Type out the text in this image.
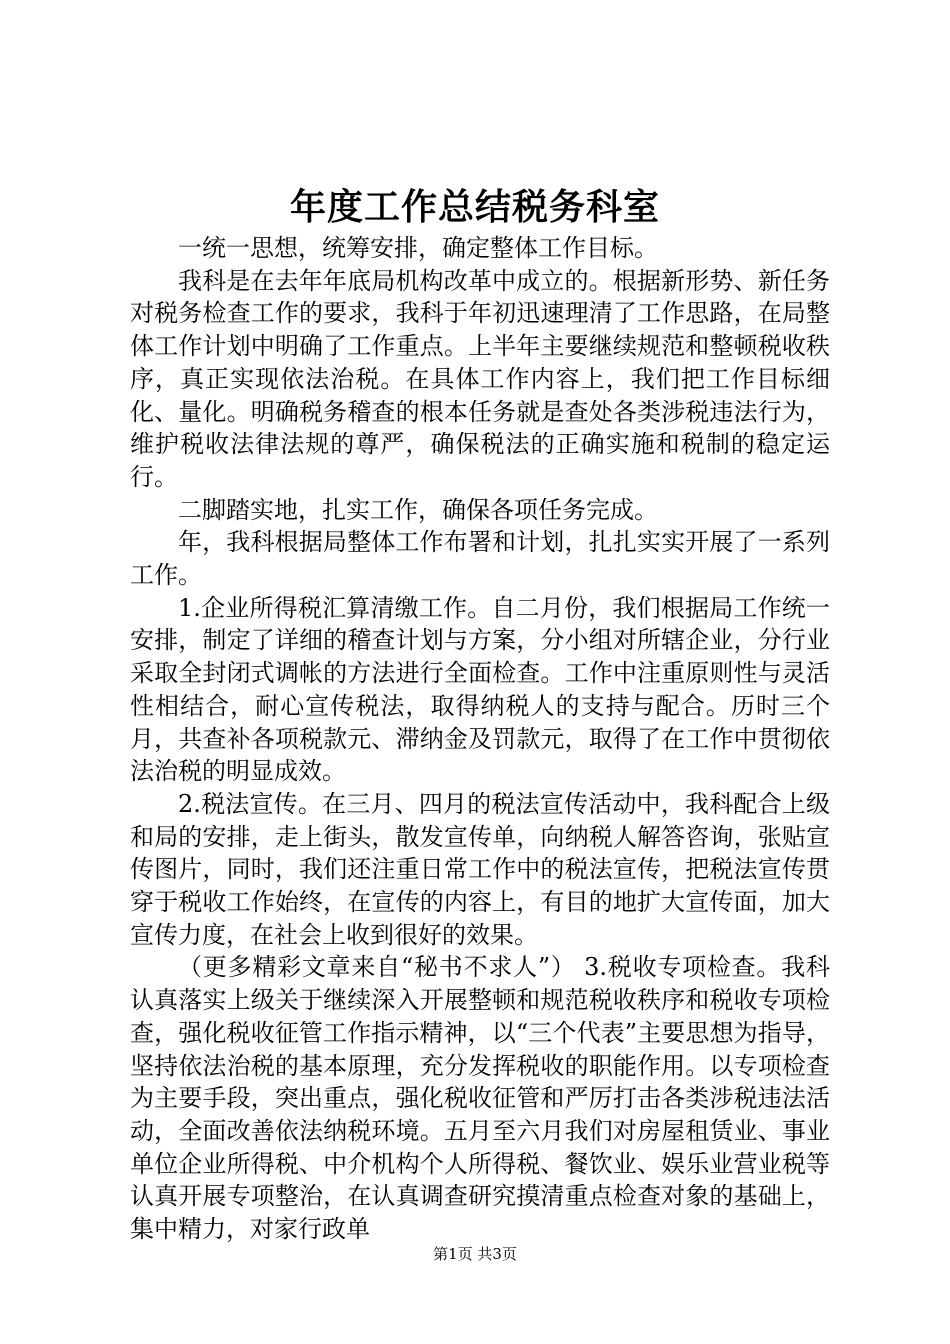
年度工作总结税务科室

一统一思想，统筹安排，确定整体工作目标。

我科是在去年年底局机构改革中成立的。根据新形势、新任务对税务检查工作的要求，我科于年初迅速理清了工作思路，在局整体工作计划中明确了工作重点。上半年主要继续规范和整顿税收秩序，真正实现依法治税。在具体工作内容上，我们把工作目标细化、量化。明确税务稽查的根本任务就是查处各类涉税违法行为，维护税收法律法规的尊严，确保税法的正确实施和税制的稳定运行。

二脚踏实地，扎实工作，确保各项任务完成。

年，我科根据局整体工作布署和计划，扎扎实实开展了一系列工作。

1.企业所得税汇算清缴工作。自二月份，我们根据局工作统一安排，制定了详细的稽查计划与方案，分小组对所辖企业，分行业采取全封闭式调帐的方法进行全面检查。工作中注重原则性与灵活性相结合，耐心宣传税法，取得纳税人的支持与配合。历时三个月，共查补各项税款元、滞纳金及罚款元，取得了在工作中贯彻依法治税的明显成效。

2.税法宣传。在三月、四月的税法宣传活动中，我科配合上级和局的安排，走上街头，散发宣传单，向纳税人解答咨询，张贴宣传图片，同时，我们还注重日常工作中的税法宣传，把税法宣传贯穿于税收工作始终，在宣传的内容上，有目的地扩大宣传面，加大宣传力度，在社会上收到很好的效果。

（更多精彩文章来自“秘书不求人”） 3.税收专项检查。我科认真落实上级关于继续深入开展整顿和规范税收秩序和税收专项检查，强化税收征管工作指示精神，以“三个代表”主要思想为指导，坚持依法治税的基本原理，充分发挥税收的职能作用。以专项检查为主要手段，突出重点，强化税收征管和严厉打击各类涉税违法活动，全面改善依法纳税环境。五月至六月我们对房屋租赁业、事业单位企业所得税、中介机构个人所得税、餐饮业、娱乐业营业税等认真开展专项整治，在认真调查研究摸清重点检查对象的基础上，集中精力，对家行政单

第1页 共3页
